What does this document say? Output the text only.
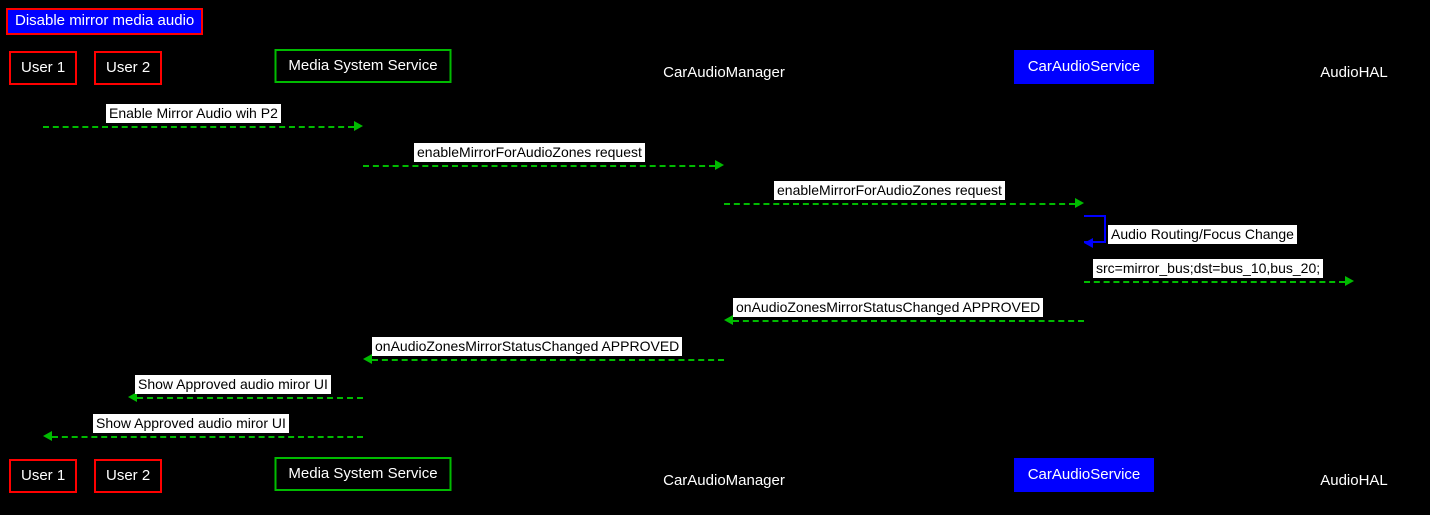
Disable mirror media audio
User 1	User 2	Media System Service	CarAudioManager	CarAudioService	AudioHAL
User 1	User 2	Media System Service	CarAudioManager	CarAudioService	AudioHAL
Enable Mirror Audio wih P2
enableMirrorForAudioZones request
enableMirrorForAudioZones request
Audio Routing/Focus Change
src=mirror_bus;dst=bus_10,bus_20;
onAudioZonesMirrorStatusChanged APPROVED
onAudioZonesMirrorStatusChanged APPROVED
Show Approved audio miror UI
Show Approved audio miror UI
